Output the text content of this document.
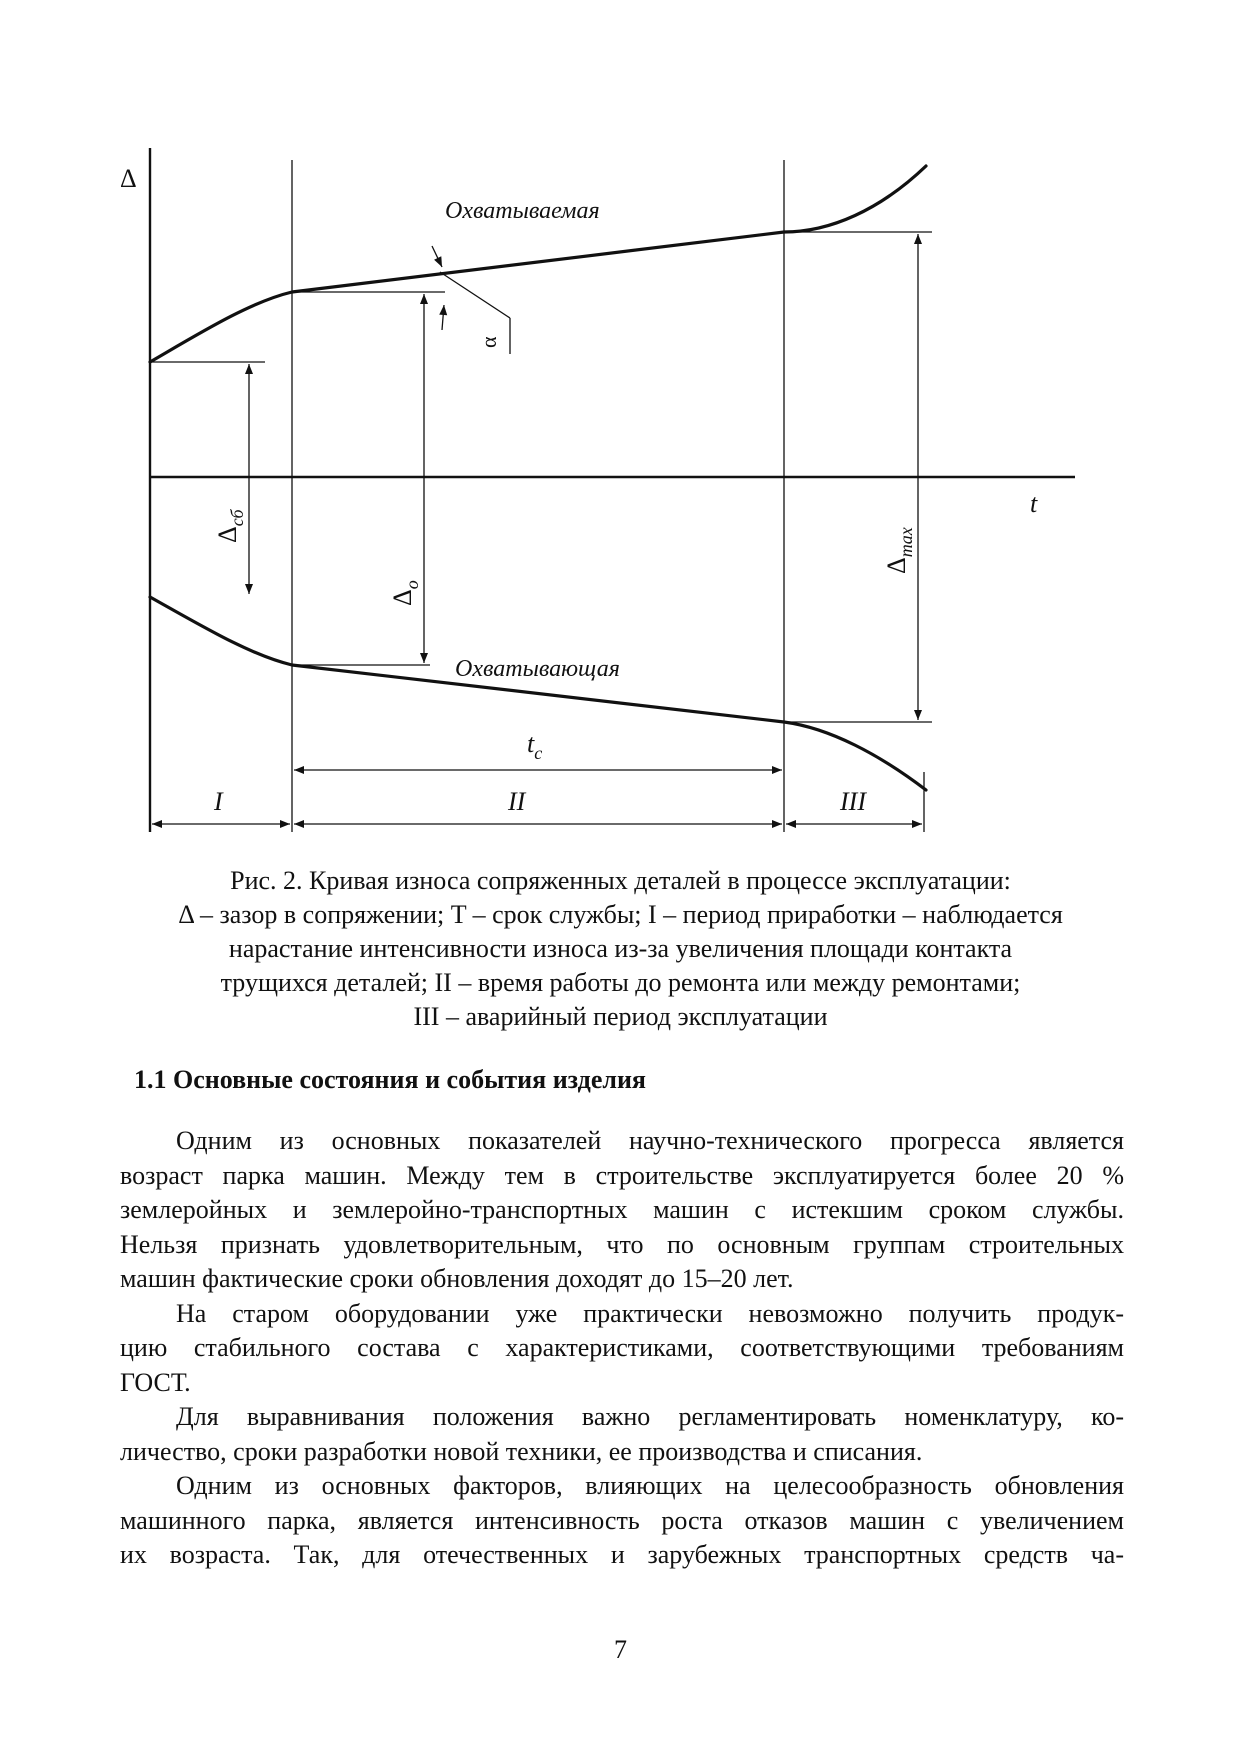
Δ
t
Охватываемая
Охватывающая
α
$\Delta_{сб}$
$\Delta_о$
$\Delta_{max}$
$t_c$
I	II	III
Рис. 2. Кривая износа сопряженных деталей в процессе эксплуатации:
Δ – зазор в сопряжении; T – срок службы; I – период приработки – наблюдается
нарастание интенсивности износа из-за увеличения площади контакта
трущихся деталей; II – время работы до ремонта или между ремонтами;
III – аварийный период эксплуатации
1.1 Основные состояния и события изделия
Одним из основных показателей научно-технического прогресса является
возраст парка машин. Между тем в строительстве эксплуатируется более 20 %
землеройных и землеройно-транспортных машин с истекшим сроком службы.
Нельзя признать удовлетворительным, что по основным группам строительных
машин фактические сроки обновления доходят до 15–20 лет.
На старом оборудовании уже практически невозможно получить продук-
цию стабильного состава с характеристиками, соответствующими требованиям
ГОСТ.
Для выравнивания положения важно регламентировать номенклатуру, ко-
личество, сроки разработки новой техники, ее производства и списания.
Одним из основных факторов, влияющих на целесообразность обновления
машинного парка, является интенсивность роста отказов машин с увеличением
их возраста. Так, для отечественных и зарубежных транспортных средств ча-
7
